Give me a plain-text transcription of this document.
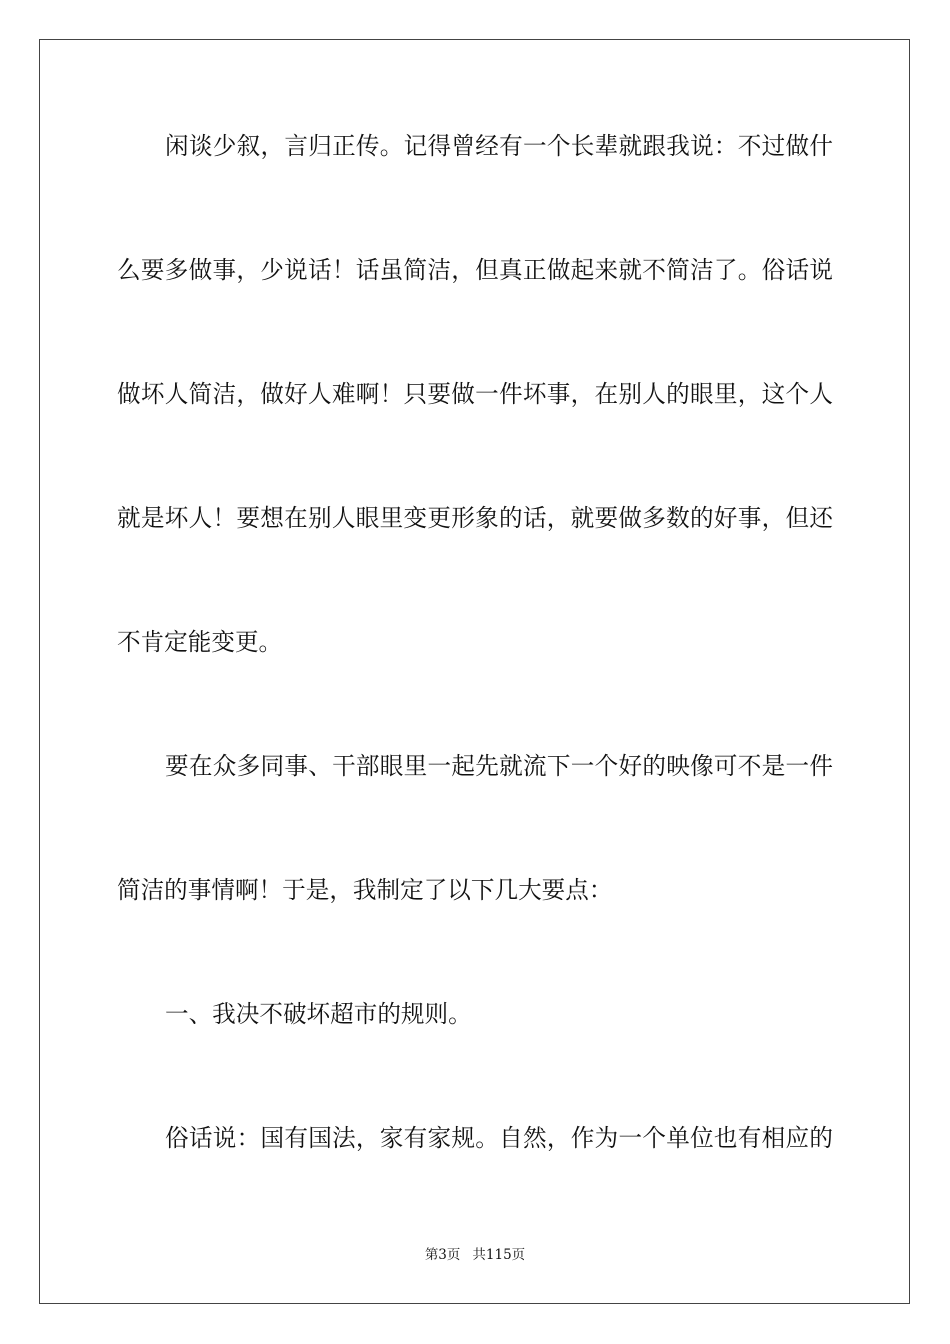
闲谈少叙，言归正传。记得曾经有一个长辈就跟我说：不过做什
么要多做事，少说话！话虽简洁，但真正做起来就不简洁了。俗话说
做坏人简洁，做好人难啊！只要做一件坏事，在别人的眼里，这个人
就是坏人！要想在别人眼里变更形象的话，就要做多数的好事，但还
不肯定能变更。
要在众多同事、干部眼里一起先就流下一个好的映像可不是一件
简洁的事情啊！于是，我制定了以下几大要点：
一、我决不破坏超市的规则。
俗话说：国有国法，家有家规。自然，作为一个单位也有相应的
第3页 共115页
